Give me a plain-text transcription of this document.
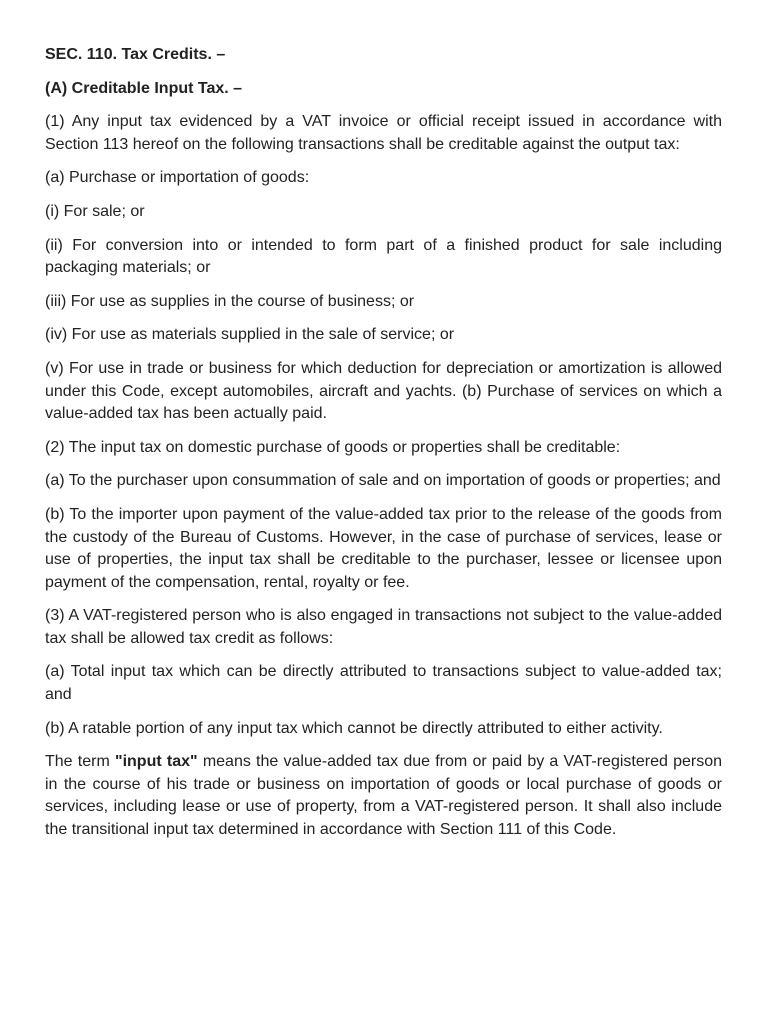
SEC. 110. Tax Credits. –

(A) Creditable Input Tax. –

(1) Any input tax evidenced by a VAT invoice or official receipt issued in accordance with Section 113 hereof on the following transactions shall be creditable against the output tax:

(a) Purchase or importation of goods:

(i) For sale; or

(ii) For conversion into or intended to form part of a finished product for sale including packaging materials; or

(iii) For use as supplies in the course of business; or

(iv) For use as materials supplied in the sale of service; or

(v) For use in trade or business for which deduction for depreciation or amortization is allowed under this Code, except automobiles, aircraft and yachts. (b) Purchase of services on which a value-added tax has been actually paid.

(2) The input tax on domestic purchase of goods or properties shall be creditable:

(a) To the purchaser upon consummation of sale and on importation of goods or properties; and

(b) To the importer upon payment of the value-added tax prior to the release of the goods from the custody of the Bureau of Customs. However, in the case of purchase of services, lease or use of properties, the input tax shall be creditable to the purchaser, lessee or licensee upon payment of the compensation, rental, royalty or fee.

(3) A VAT-registered person who is also engaged in transactions not subject to the value-added tax shall be allowed tax credit as follows:

(a) Total input tax which can be directly attributed to transactions subject to value-added tax; and

(b) A ratable portion of any input tax which cannot be directly attributed to either activity.

The term "input tax" means the value-added tax due from or paid by a VAT-registered person in the course of his trade or business on importation of goods or local purchase of goods or services, including lease or use of property, from a VAT-registered person. It shall also include the transitional input tax determined in accordance with Section 111 of this Code.
